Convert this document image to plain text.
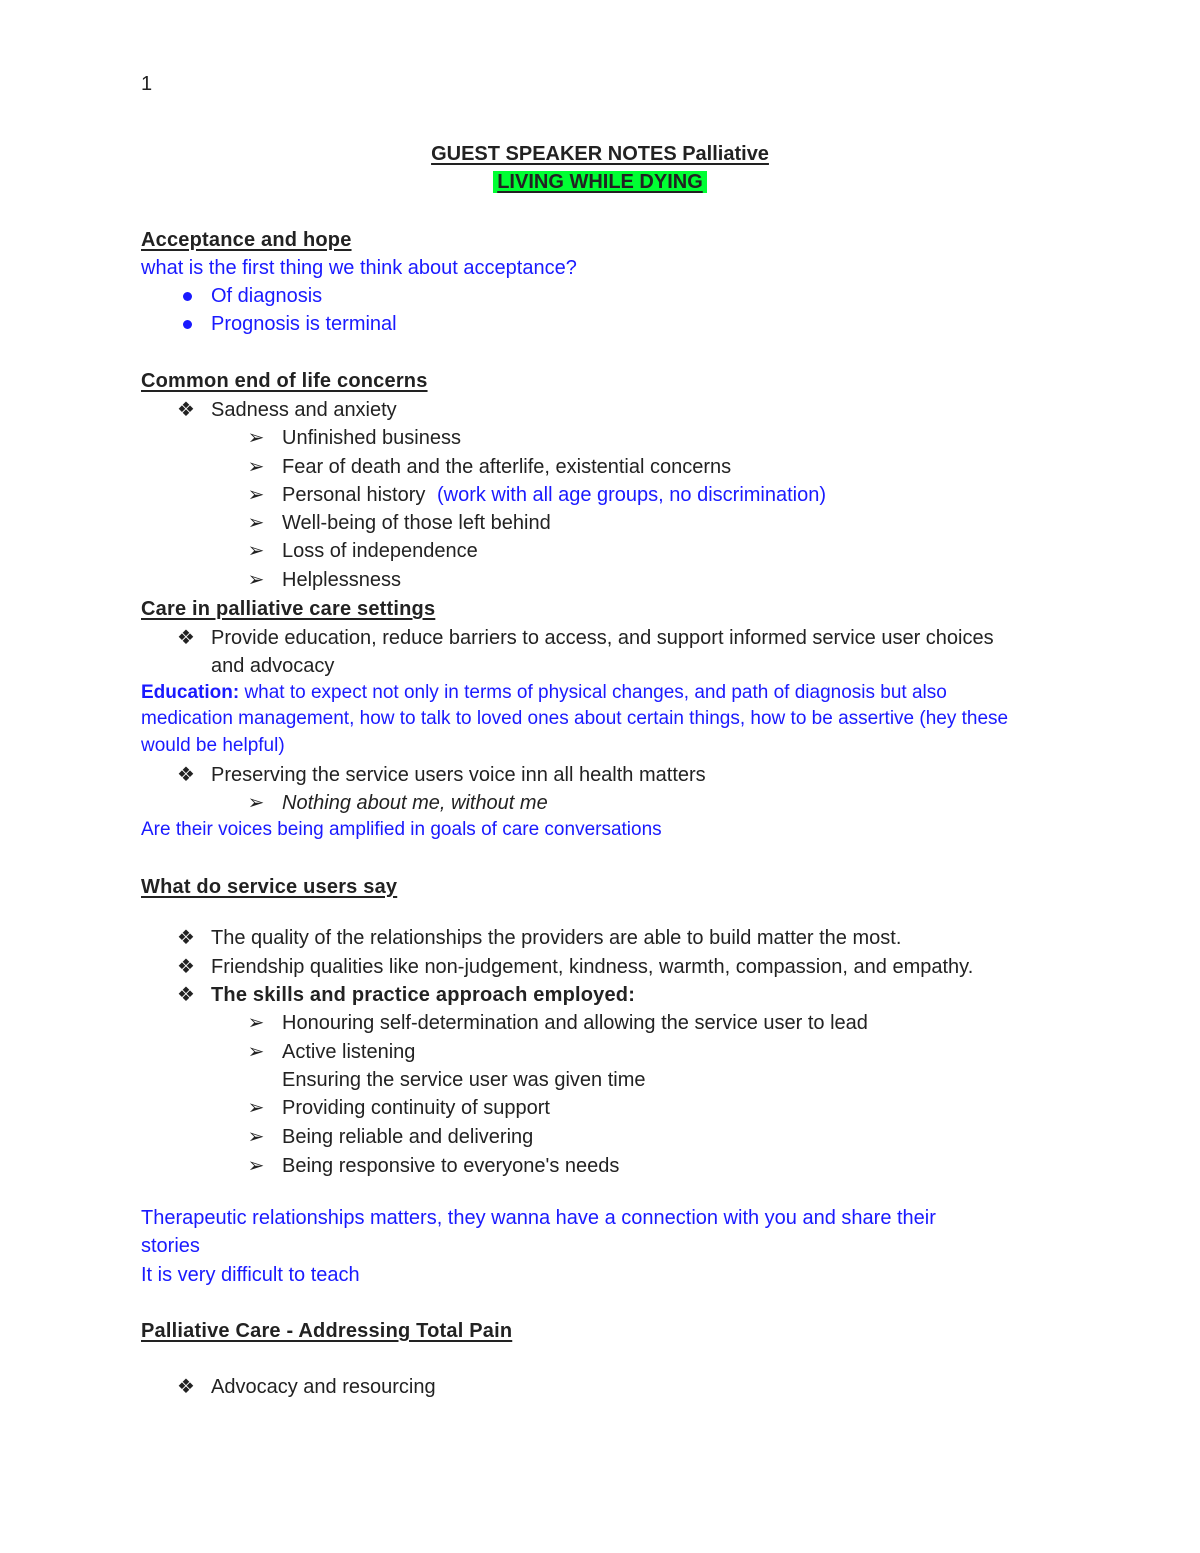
1
GUEST SPEAKER NOTES Palliative
LIVING WHILE DYING
Acceptance and hope
what is the first thing we think about acceptance?
Of diagnosis
Prognosis is terminal
Common end of life concerns
❖ Sadness and anxiety
➢ Unfinished business
➢ Fear of death and the afterlife, existential concerns
➢ Personal history (work with all age groups, no discrimination)
➢ Well-being of those left behind
➢ Loss of independence
➢ Helplessness
Care in palliative care settings
❖ Provide education, reduce barriers to access, and support informed service user choices
and advocacy
Education: what to expect not only in terms of physical changes, and path of diagnosis but also
medication management, how to talk to loved ones about certain things, how to be assertive (hey these
would be helpful)
❖ Preserving the service users voice inn all health matters
➢ Nothing about me, without me
Are their voices being amplified in goals of care conversations
What do service users say
❖ The quality of the relationships the providers are able to build matter the most.
❖ Friendship qualities like non-judgement, kindness, warmth, compassion, and empathy.
❖ The skills and practice approach employed:
➢ Honouring self-determination and allowing the service user to lead
➢ Active listening
Ensuring the service user was given time
➢ Providing continuity of support
➢ Being reliable and delivering
➢ Being responsive to everyone's needs
Therapeutic relationships matters, they wanna have a connection with you and share their
stories
It is very difficult to teach
Palliative Care - Addressing Total Pain
❖ Advocacy and resourcing
